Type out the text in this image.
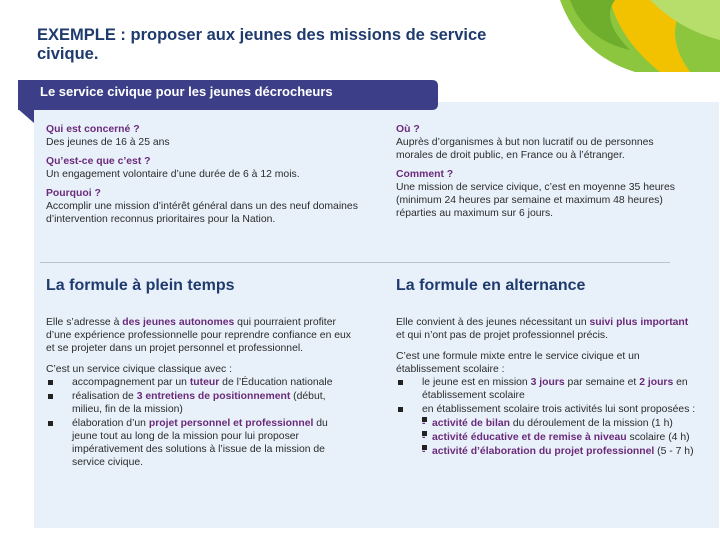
EXEMPLE : proposer aux jeunes des missions de service civique.
Le service civique pour les jeunes décrocheurs
Qui est concerné ?
Des jeunes de 16 à 25 ans
Qu’est-ce que c’est ?
Un engagement volontaire d’une durée de 6 à 12 mois.
Pourquoi ?
Accomplir une mission d’intérêt général dans un des neuf domaines d’intervention reconnus prioritaires pour la Nation.
Où ?
Auprès d’organismes à but non lucratif ou de personnes morales de droit public, en France ou à l’étranger.
Comment ?
Une mission de service civique, c’est en moyenne 35 heures (minimum 24 heures par semaine et maximum 48 heures) réparties au maximum sur 6 jours.
La formule à plein temps

Elle s’adresse à des jeunes autonomes qui pourraient profiter d’une expérience professionnelle pour reprendre confiance en eux et se projeter dans un projet personnel et professionnel.

C’est un service civique classique avec :
accompagnement par un tuteur de l’Éducation nationale
réalisation de 3 entretiens de positionnement (début, milieu, fin de la mission)
élaboration d’un projet personnel et professionnel du jeune tout au long de la mission pour lui proposer impérativement des solutions à l’issue de la mission de service civique.
La formule en alternance

Elle convient à des jeunes nécessitant un suivi plus important et qui n’ont pas de projet professionnel précis.

C’est une formule mixte entre le service civique et un établissement scolaire :
le jeune est en mission 3 jours par semaine et 2 jours en établissement scolaire
en établissement scolaire trois activités lui sont proposées :
- activité de bilan du déroulement de la mission (1 h)
- activité éducative et de remise à niveau scolaire (4 h)
- activité d’élaboration du projet professionnel (5 - 7 h)
